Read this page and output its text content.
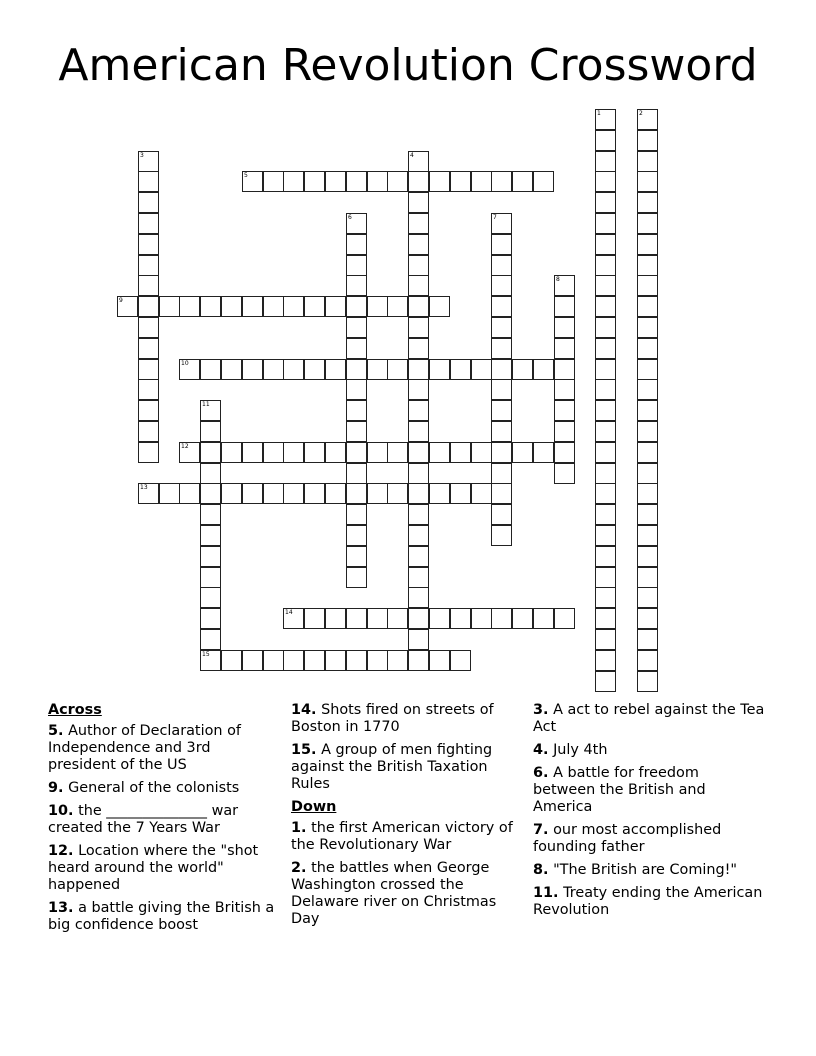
American Revolution Crossword
1	2
3	4
5
6	7
8
9
10
11
15
12
13
14
Across
5. Author of Declaration of Independence and 3rd president of the US
9. General of the colonists
10. the ______________ war created the 7 Years War
12. Location where the "shot heard around the world" happened
13. a battle giving the British a big confidence boost
14. Shots fired on streets of Boston in 1770
15. A group of men fighting against the British Taxation Rules
Down
1. the first American victory of the Revolutionary War
2. the battles when George Washington crossed the Delaware river on Christmas Day
3. A act to rebel against the Tea Act
4. July 4th
6. A battle for freedom between the British and America
7. our most accomplished founding father
8. "The British are Coming!"
11. Treaty ending the American Revolution
